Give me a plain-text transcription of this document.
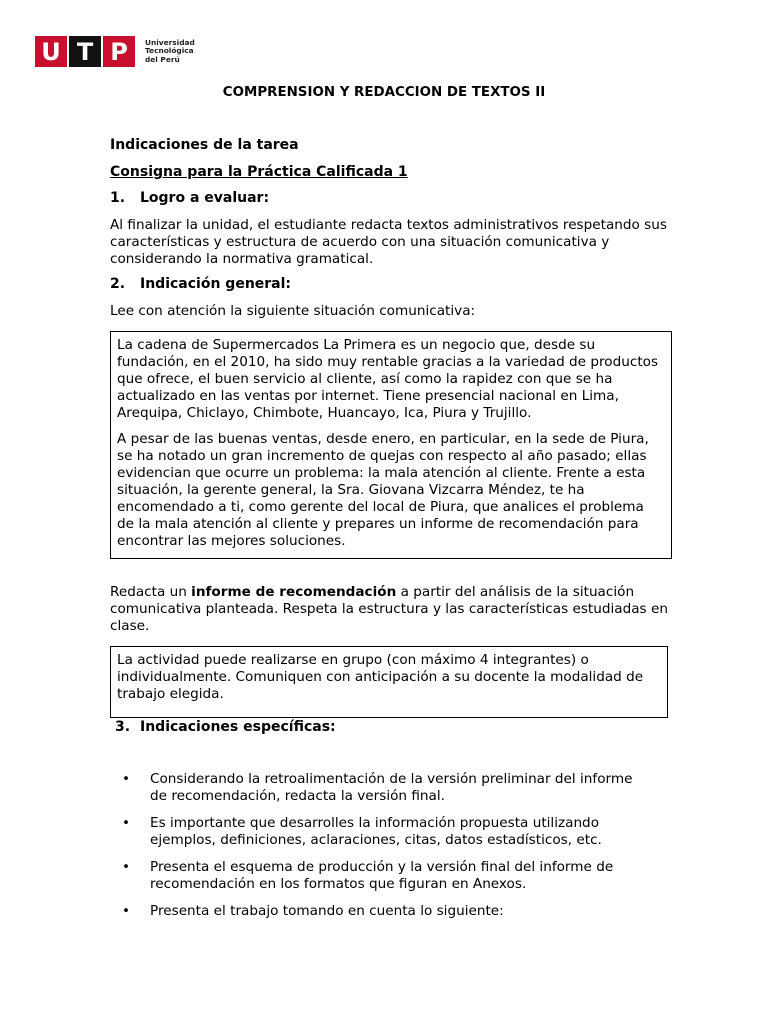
U T P	Universidad
Tecnológica
del Perú
COMPRENSION Y REDACCION DE TEXTOS II

Indicaciones de la tarea

Consigna para la Práctica Calificada 1

1. Logro a evaluar:

Al finalizar la unidad, el estudiante redacta textos administrativos respetando sus características y estructura de acuerdo con una situación comunicativa y considerando la normativa gramatical.

2. Indicación general:

Lee con atención la siguiente situación comunicativa:

La cadena de Supermercados La Primera es un negocio que, desde su fundación, en el 2010, ha sido muy rentable gracias a la variedad de productos que ofrece, el buen servicio al cliente, así como la rapidez con que se ha actualizado en las ventas por internet. Tiene presencial nacional en Lima, Arequipa, Chiclayo, Chimbote, Huancayo, Ica, Piura y Trujillo.

A pesar de las buenas ventas, desde enero, en particular, en la sede de Piura, se ha notado un gran incremento de quejas con respecto al año pasado; ellas evidencian que ocurre un problema: la mala atención al cliente. Frente a esta situación, la gerente general, la Sra. Giovana Vizcarra Méndez, te ha encomendado a ti, como gerente del local de Piura, que analices el problema de la mala atención al cliente y prepares un informe de recomendación para encontrar las mejores soluciones.

Redacta un informe de recomendación a partir del análisis de la situación comunicativa planteada. Respeta la estructura y las características estudiadas en clase.

La actividad puede realizarse en grupo (con máximo 4 integrantes) o individualmente. Comuniquen con anticipación a su docente la modalidad de trabajo elegida.

3. Indicaciones específicas:

• Considerando la retroalimentación de la versión preliminar del informe de recomendación, redacta la versión final.
• Es importante que desarrolles la información propuesta utilizando ejemplos, definiciones, aclaraciones, citas, datos estadísticos, etc.
• Presenta el esquema de producción y la versión final del informe de recomendación en los formatos que figuran en Anexos.
• Presenta el trabajo tomando en cuenta lo siguiente:
